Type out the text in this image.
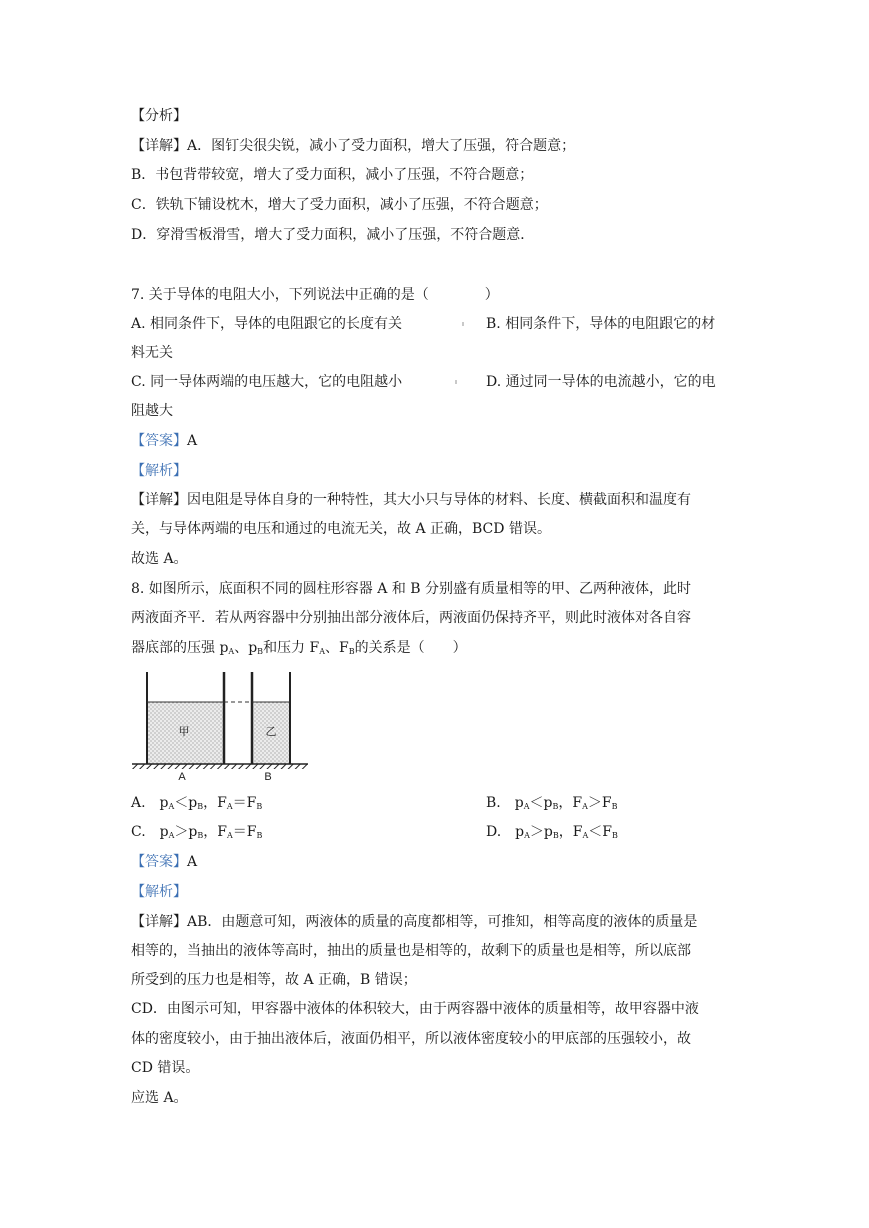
【分析】
【详解】A．图钉尖很尖锐，减小了受力面积，增大了压强，符合题意；
B．书包背带较宽，增大了受力面积，减小了压强，不符合题意；
C．铁轨下铺设枕木，增大了受力面积，减小了压强，不符合题意；
D．穿滑雪板滑雪，增大了受力面积，减小了压强，不符合题意．
7. 关于导体的电阻大小，下列说法中正确的是（　　　　）
A. 相同条件下，导体的电阻跟它的长度有关	B. 相同条件下，导体的电阻跟它的材
料无关
C. 同一导体两端的电压越大，它的电阻越小	D. 通过同一导体的电流越小，它的电
阻越大
【答案】A
【解析】
【详解】因电阻是导体自身的一种特性，其大小只与导体的材料、长度、横截面积和温度有
关，与导体两端的电压和通过的电流无关，故 A 正确，BCD 错误。
故选 A。
8. 如图所示，底面积不同的圆柱形容器 A 和 B 分别盛有质量相等的甲、乙两种液体，此时
两液面齐平．若从两容器中分别抽出部分液体后，两液面仍保持齐平，则此时液体对各自容
器底部的压强 $p_A$、$p_B$和压力 $F_A$、$F_B$的关系是（　　）
甲	乙
A	B
A.　$p_A<p_B$，$F_A=F_B$	B.　$p_A<p_B$，$F_A>F_B$
C.　$p_A>p_B$，$F_A=F_B$	D.　$p_A>p_B$，$F_A<F_B$
【答案】A
【解析】
【详解】AB．由题意可知，两液体的质量的高度都相等，可推知，相等高度的液体的质量是
相等的，当抽出的液体等高时，抽出的质量也是相等的，故剩下的质量也是相等，所以底部
所受到的压力也是相等，故 A 正确，B 错误；
CD．由图示可知，甲容器中液体的体积较大，由于两容器中液体的质量相等，故甲容器中液
体的密度较小，由于抽出液体后，液面仍相平，所以液体密度较小的甲底部的压强较小，故
CD 错误。
应选 A。
